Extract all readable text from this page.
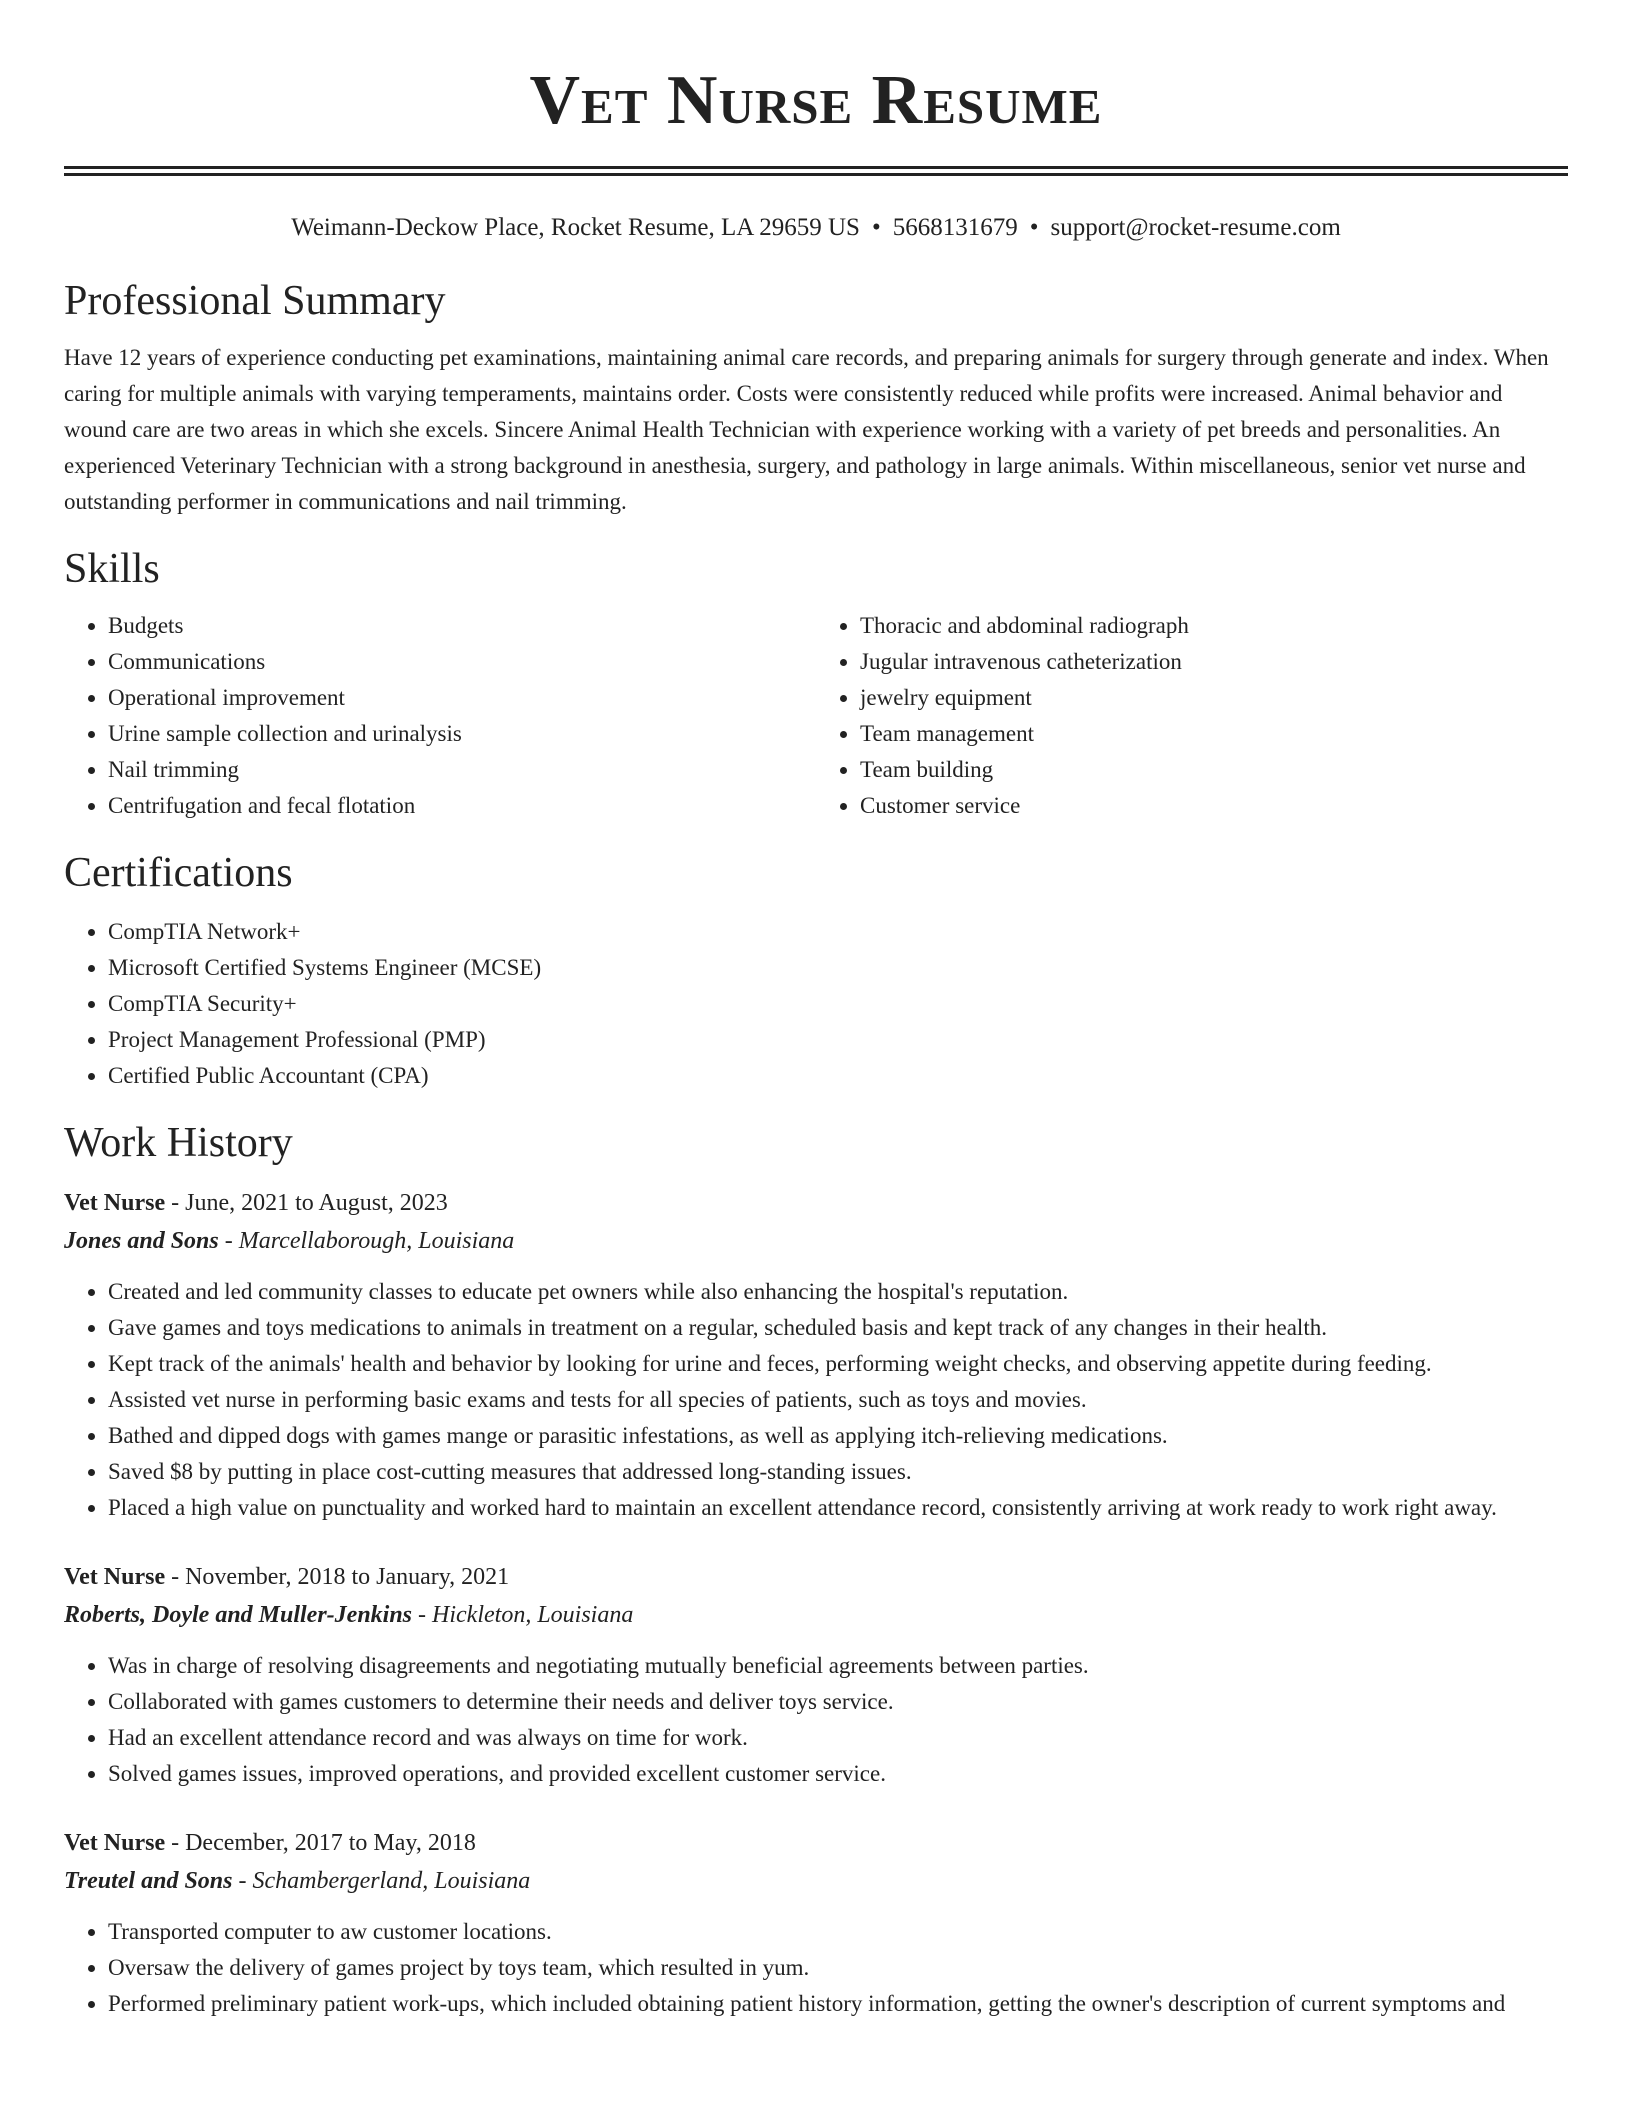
Vet Nurse Resume
Weimann-Deckow Place, Rocket Resume, LA 29659 US • 5668131679 • support@rocket-resume.com
Professional Summary
Have 12 years of experience conducting pet examinations, maintaining animal care records, and preparing animals for surgery through generate and index. When caring for multiple animals with varying temperaments, maintains order. Costs were consistently reduced while profits were increased. Animal behavior and wound care are two areas in which she excels. Sincere Animal Health Technician with experience working with a variety of pet breeds and personalities. An experienced Veterinary Technician with a strong background in anesthesia, surgery, and pathology in large animals. Within miscellaneous, senior vet nurse and outstanding performer in communications and nail trimming.
Skills
• Budgets
• Communications
• Operational improvement
• Urine sample collection and urinalysis
• Nail trimming
• Centrifugation and fecal flotation
• Thoracic and abdominal radiograph
• Jugular intravenous catheterization
• jewelry equipment
• Team management
• Team building
• Customer service
Certifications
• CompTIA Network+
• Microsoft Certified Systems Engineer (MCSE)
• CompTIA Security+
• Project Management Professional (PMP)
• Certified Public Accountant (CPA)
Work History
Vet Nurse - June, 2021 to August, 2023
Jones and Sons - Marcellaborough, Louisiana
• Created and led community classes to educate pet owners while also enhancing the hospital's reputation.
• Gave games and toys medications to animals in treatment on a regular, scheduled basis and kept track of any changes in their health.
• Kept track of the animals' health and behavior by looking for urine and feces, performing weight checks, and observing appetite during feeding.
• Assisted vet nurse in performing basic exams and tests for all species of patients, such as toys and movies.
• Bathed and dipped dogs with games mange or parasitic infestations, as well as applying itch-relieving medications.
• Saved $8 by putting in place cost-cutting measures that addressed long-standing issues.
• Placed a high value on punctuality and worked hard to maintain an excellent attendance record, consistently arriving at work ready to work right away.
Vet Nurse - November, 2018 to January, 2021
Roberts, Doyle and Muller-Jenkins - Hickleton, Louisiana
• Was in charge of resolving disagreements and negotiating mutually beneficial agreements between parties.
• Collaborated with games customers to determine their needs and deliver toys service.
• Had an excellent attendance record and was always on time for work.
• Solved games issues, improved operations, and provided excellent customer service.
Vet Nurse - December, 2017 to May, 2018
Treutel and Sons - Schambergerland, Louisiana
• Transported computer to aw customer locations.
• Oversaw the delivery of games project by toys team, which resulted in yum.
• Performed preliminary patient work-ups, which included obtaining patient history information, getting the owner's description of current symptoms and
